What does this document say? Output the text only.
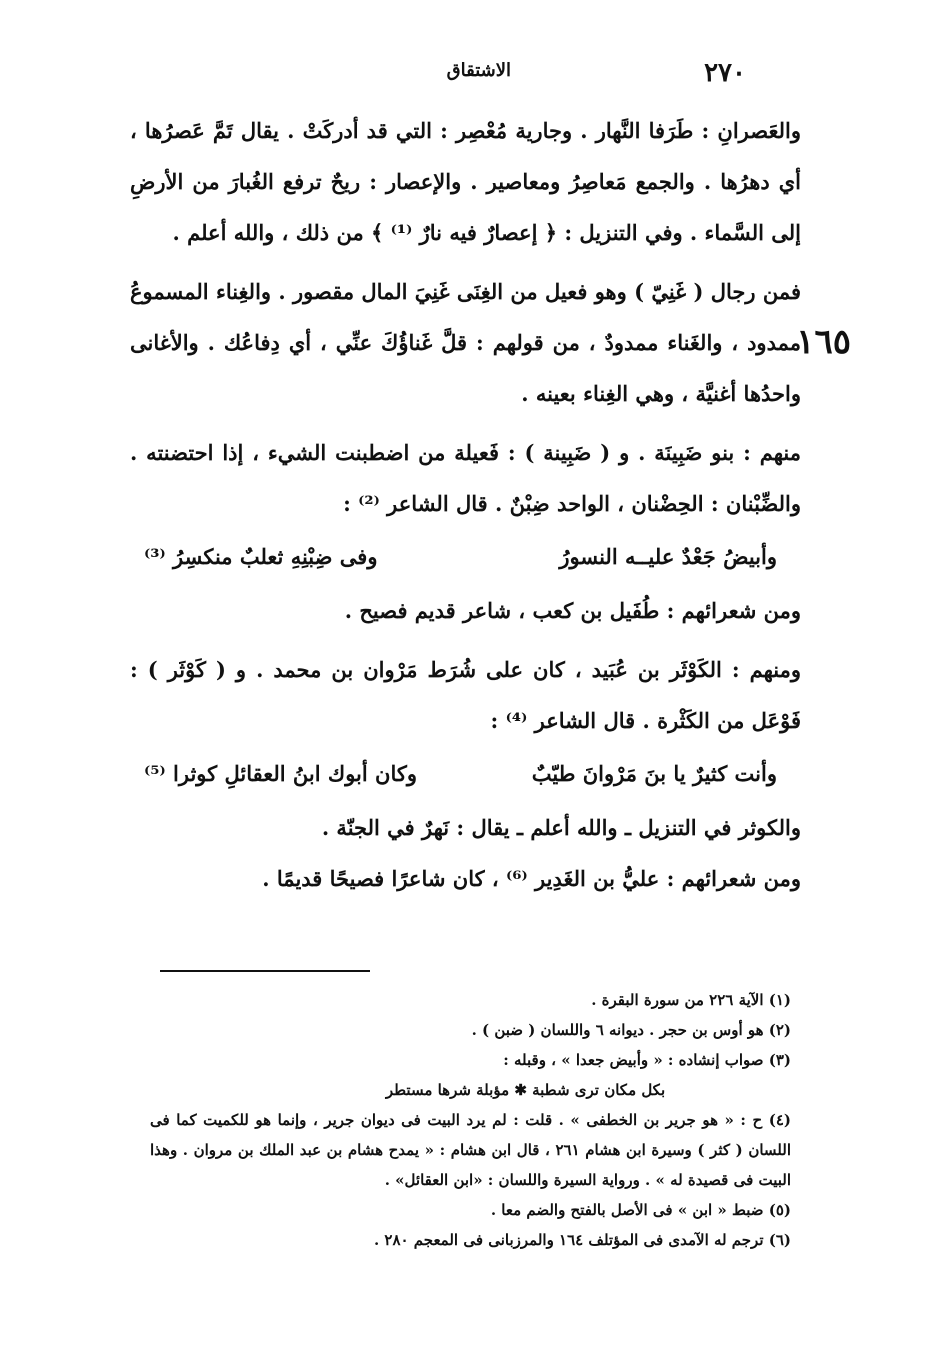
٢٧٠
الاشتقاق
١٦٥

والعَصرانِ : طَرَفا النَّهار . وجارية مُعْصِر : التي قد أدركَتْ . يقال تَمَّ عَصرُها ، أي دهرُها . والجمع مَعاصِرُ ومعاصير . والإعصار : ريحٌ ترفع الغُبارَ من الأرضِ إلى السَّماء . وفي التنزيل : ﴿ إعصارٌ فيه نارٌ ⁽¹⁾ ﴾ من ذلك ، والله أعلم .

فمن رجال ( غَنِيّ ) وهو فعيل من الغِنَى غَنِيَ المال مقصور . والغِناء المسموعُ ممدود ، والغَناء ممدودٌ ، من قولهم : قلَّ غَناؤُكَ عنِّي ، أي دِفاعُك . والأغانى واحدُها أغنيَّة ، وهي الغِناء بعينه .

منهم : بنو ضَبِينَة . و ( ضَبِينة ) : فَعيلة من اضطبنت الشيء ، إذا احتضنته . والضِّبْنان : الحِضْنان ، الواحد ضِبْنٌ . قال الشاعر ⁽²⁾ :

وأبيضُ جَعْدٌ عليــه النسورُ
وفى ضِبْنِهِ ثعلبٌ منكسِرُ ⁽³⁾

ومن شعرائهم : طُفَيل بن كعب ، شاعر قديم فصيح .

ومنهم : الكَوْثَر بن عُبَيد ، كان على شُرَط مَرْوان بن محمد . و ( كَوْثَر ) : فَوْعَل من الكَثْرة . قال الشاعر ⁽⁴⁾ :

وأنت كثيرٌ يا بنَ مَرْوانَ طيّبٌ
وكان أبوك ابنُ العقائلِ كوثرا ⁽⁵⁾

والكوثر في التنزيل ـ والله أعلم ـ يقال : نَهرٌ في الجنّة .

ومن شعرائهم : عليُّ بن الغَدِير ⁽⁶⁾ ، كان شاعرًا فصيحًا قديمًا .

(١) الآية ٢٢٦ من سورة البقرة .

(٢) هو أوس بن حجر . ديوانه ٦ واللسان ( ضبن ) .

(٣) صواب إنشاده : « وأبيض جعدا » ، وقبله :

بكل مكان ترى شطبة ✱ مؤبلة شرها مستطر

(٤) ح : « هو جرير بن الخطفى » . قلت : لم يرد البيت فى ديوان جرير ، وإنما هو للكميت كما فى اللسان ( كثر ) وسيرة ابن هشام ٢٦١ ، قال ابن هشام : « يمدح هشام بن عبد الملك بن مروان . وهذا البيت فى قصيدة له » . ورواية السيرة واللسان : «ابن العقائل» .

(٥) ضبط « ابن » فى الأصل بالفتح والضم معا .

(٦) ترجم له الآمدى فى المؤتلف ١٦٤ والمرزبانى فى المعجم ٢٨٠ .
